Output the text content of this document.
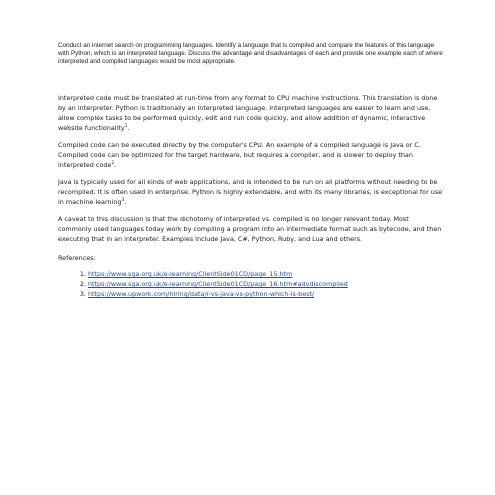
Conduct an internet search on programming languages. Identify a language that is compiled and compare the features of this language with Python, which is an interpreted language. Discuss the advantage and disadvantages of each and provide one example each of where interpreted and compiled languages would be most appropriate.

Interpreted code must be translated at run-time from any format to CPU machine instructions. This translation is done by an interpreter. Python is traditionally an interpreted language. Interpreted languages are easier to learn and use, allow complex tasks to be performed quickly, edit and run code quickly, and allow addition of dynamic, interactive website functionality$^1$.

Compiled code can be executed directly by the computer's CPU. An example of a compiled language is Java or C. Compiled code can be optimized for the target hardware, but requires a compiler, and is slower to deploy than interpreted code$^2$.

Java is typically used for all kinds of web applications, and is intended to be run on all platforms without needing to be recompiled. It is often used in enterprise. Python is highly extendable, and with its many libraries, is exceptional for use in machine learning$^3$.

A caveat to this discussion is that the dichotomy of interpreted vs. compiled is no longer relevant today. Most commonly used languages today work by compiling a program into an intermediate format such as bytecode, and then executing that in an interpreter. Examples include Java, C#, Python, Ruby, and Lua and others.

References:
1. https://www.sqa.org.uk/e-learning/ClientSide01CD/page_15.htm
2. https://www.sqa.org.uk/e-learning/ClientSide01CD/page_16.htm#advdiscompiled
3. https://www.upwork.com/hiring/data/r-vs-java-vs-python-which-is-best/
